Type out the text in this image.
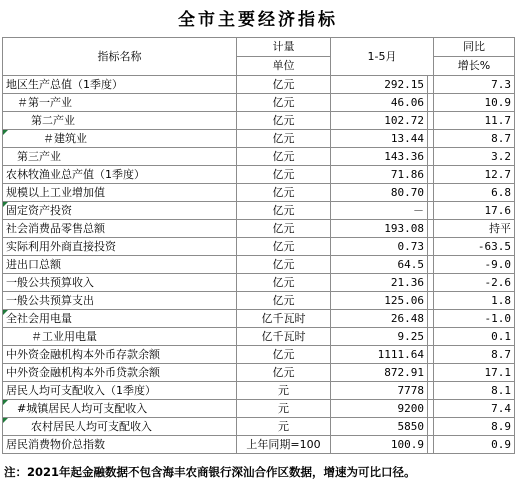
全市主要经济指标
指标名称	计量	1-5月		同比
	单位			增长%
地区生产总值（1季度）	亿元	292.15		7.3
＃第一产业	亿元	46.06		10.9
第二产业	亿元	102.72		11.7
＃建筑业	亿元	13.44		8.7
第三产业	亿元	143.36		3.2
农林牧渔业总产值（1季度）	亿元	71.86		12.7
规模以上工业增加值	亿元	80.70		6.8
固定资产投资	亿元	－		17.6
社会消费品零售总额	亿元	193.08		持平
实际利用外商直接投资	亿元	0.73		-63.5
进出口总额	亿元	64.5		-9.0
一般公共预算收入	亿元	21.36		-2.6
一般公共预算支出	亿元	125.06		1.8
全社会用电量	亿千瓦时	26.48		-1.0
＃工业用电量	亿千瓦时	9.25		0.1
中外资金融机构本外币存款余额	亿元	1111.64		8.7
中外资金融机构本外币贷款余额	亿元	872.91		17.1
居民人均可支配收入（1季度）	元	7778		8.1
#城镇居民人均可支配收入	元	9200		7.4
农村居民人均可支配收入	元	5850		8.9
居民消费物价总指数	上年同期=100	100.9		0.9
注：2021年起金融数据不包含海丰农商银行深汕合作区数据，增速为可比口径。
